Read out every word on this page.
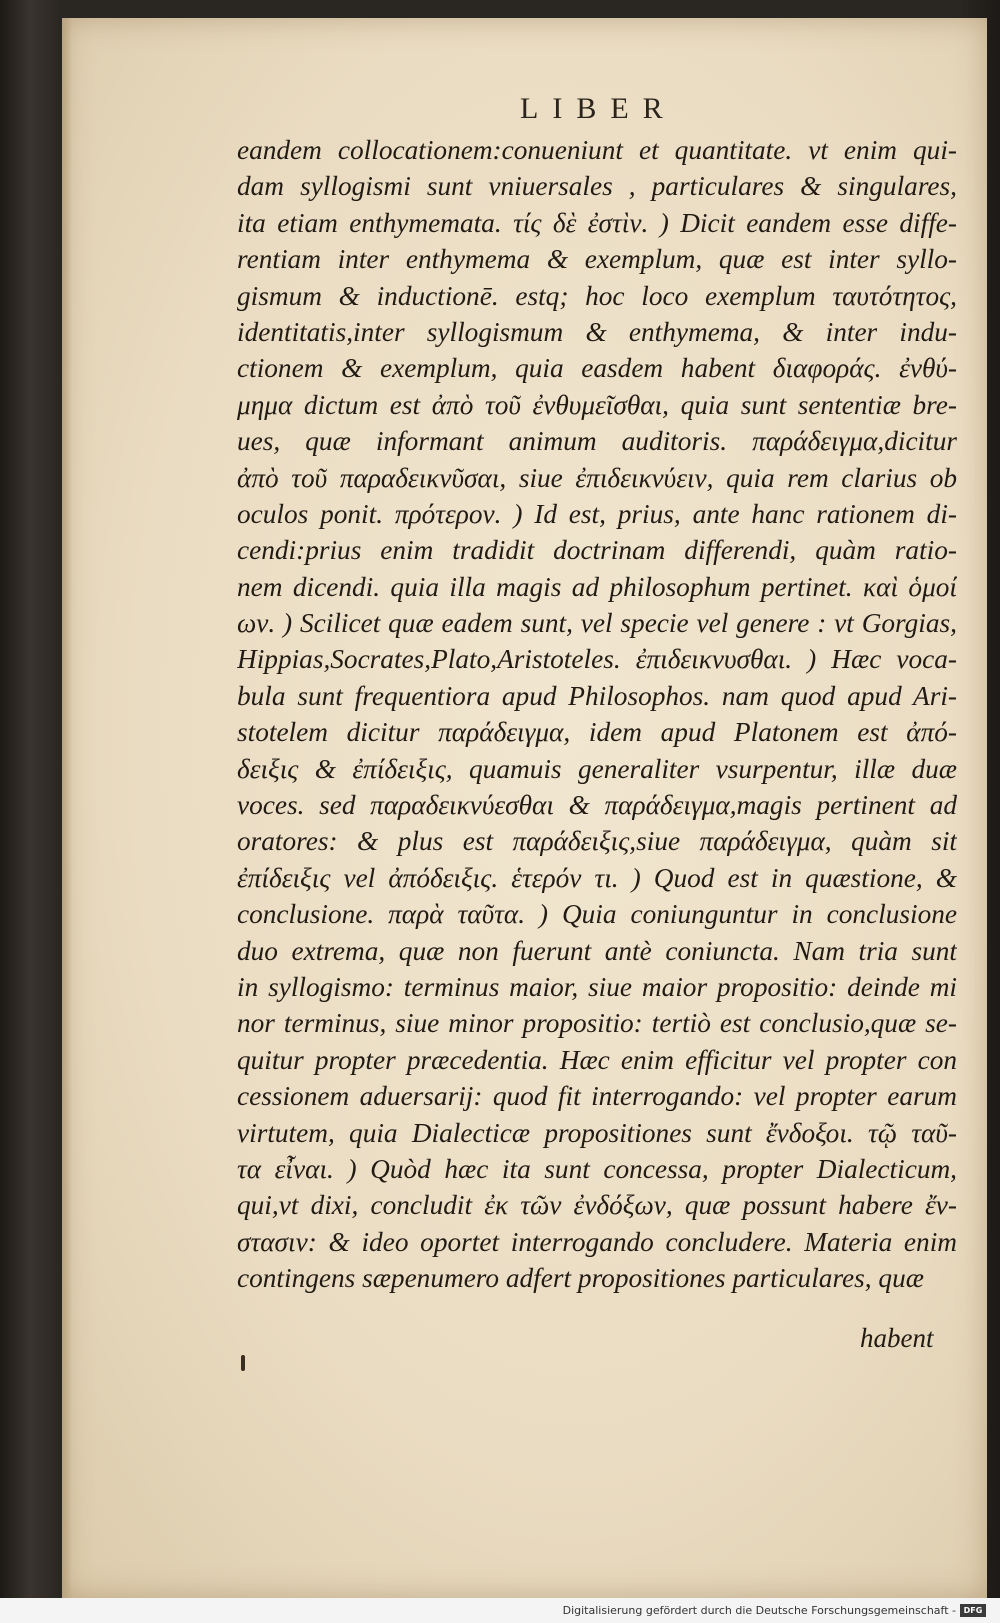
LIBER
eandem collocationem:conueniunt et quantitate. vt enim qui-
dam syllogismi sunt vniuersales , particulares & singulares,
ita etiam enthymemata. τίς δὲ ἐστὶν. ) Dicit eandem esse diffe-
rentiam inter enthymema & exemplum, quæ est inter syllo-
gismum & inductionē. estq; hoc loco exemplum ταυτότητος,
identitatis,inter syllogismum & enthymema, & inter indu-
ctionem & exemplum, quia easdem habent διαφοράς. ἐνθύ-
μημα dictum est ἀπὸ τοῦ ἐνθυμεῖσθαι, quia sunt sententiæ bre-
ues, quæ informant animum auditoris. παράδειγμα,dicitur
ἀπὸ τοῦ παραδεικνῦσαι, siue ἐπιδεικνύειν, quia rem clarius ob
oculos ponit. πρότερον. ) Id est, prius, ante hanc rationem di-
cendi:prius enim tradidit doctrinam differendi, quàm ratio-
nem dicendi. quia illa magis ad philosophum pertinet. καὶ ὁμοί
ων. ) Scilicet quæ eadem sunt, vel specie vel genere : vt Gorgias,
Hippias,Socrates,Plato,Aristoteles. ἐπιδεικνυσθαι. ) Hæc voca-
bula sunt frequentiora apud Philosophos. nam quod apud Ari-
stotelem dicitur παράδειγμα, idem apud Platonem est ἀπό-
δειξις & ἐπίδειξις, quamuis generaliter vsurpentur, illæ duæ
voces. sed παραδεικνύεσθαι & παράδειγμα,magis pertinent ad
oratores: & plus est παράδειξις,siue παράδειγμα, quàm sit
ἐπίδειξις vel ἀπόδειξις. ἑτερόν τι. ) Quod est in quæstione, &
conclusione. παρὰ ταῦτα. ) Quia coniunguntur in conclusione
duo extrema, quæ non fuerunt antè coniuncta. Nam tria sunt
in syllogismo: terminus maior, siue maior propositio: deinde mi
nor terminus, siue minor propositio: tertiò est conclusio,quæ se-
quitur propter præcedentia. Hæc enim efficitur vel propter con
cessionem aduersarij: quod fit interrogando: vel propter earum
virtutem, quia Dialecticæ propositiones sunt ἔνδοξοι. τῷ ταῦ-
τα εἶναι. ) Quòd hæc ita sunt concessa, propter Dialecticum,
qui,vt dixi, concludit ἐκ τῶν ἐνδόξων, quæ possunt habere ἔν-
στασιν: & ideo oportet interrogando concludere. Materia enim
contingens sæpenumero adfert propositiones particulares, quæ
habent
Digitalisierung gefördert durch die Deutsche Forschungsgemeinschaft - DFG
